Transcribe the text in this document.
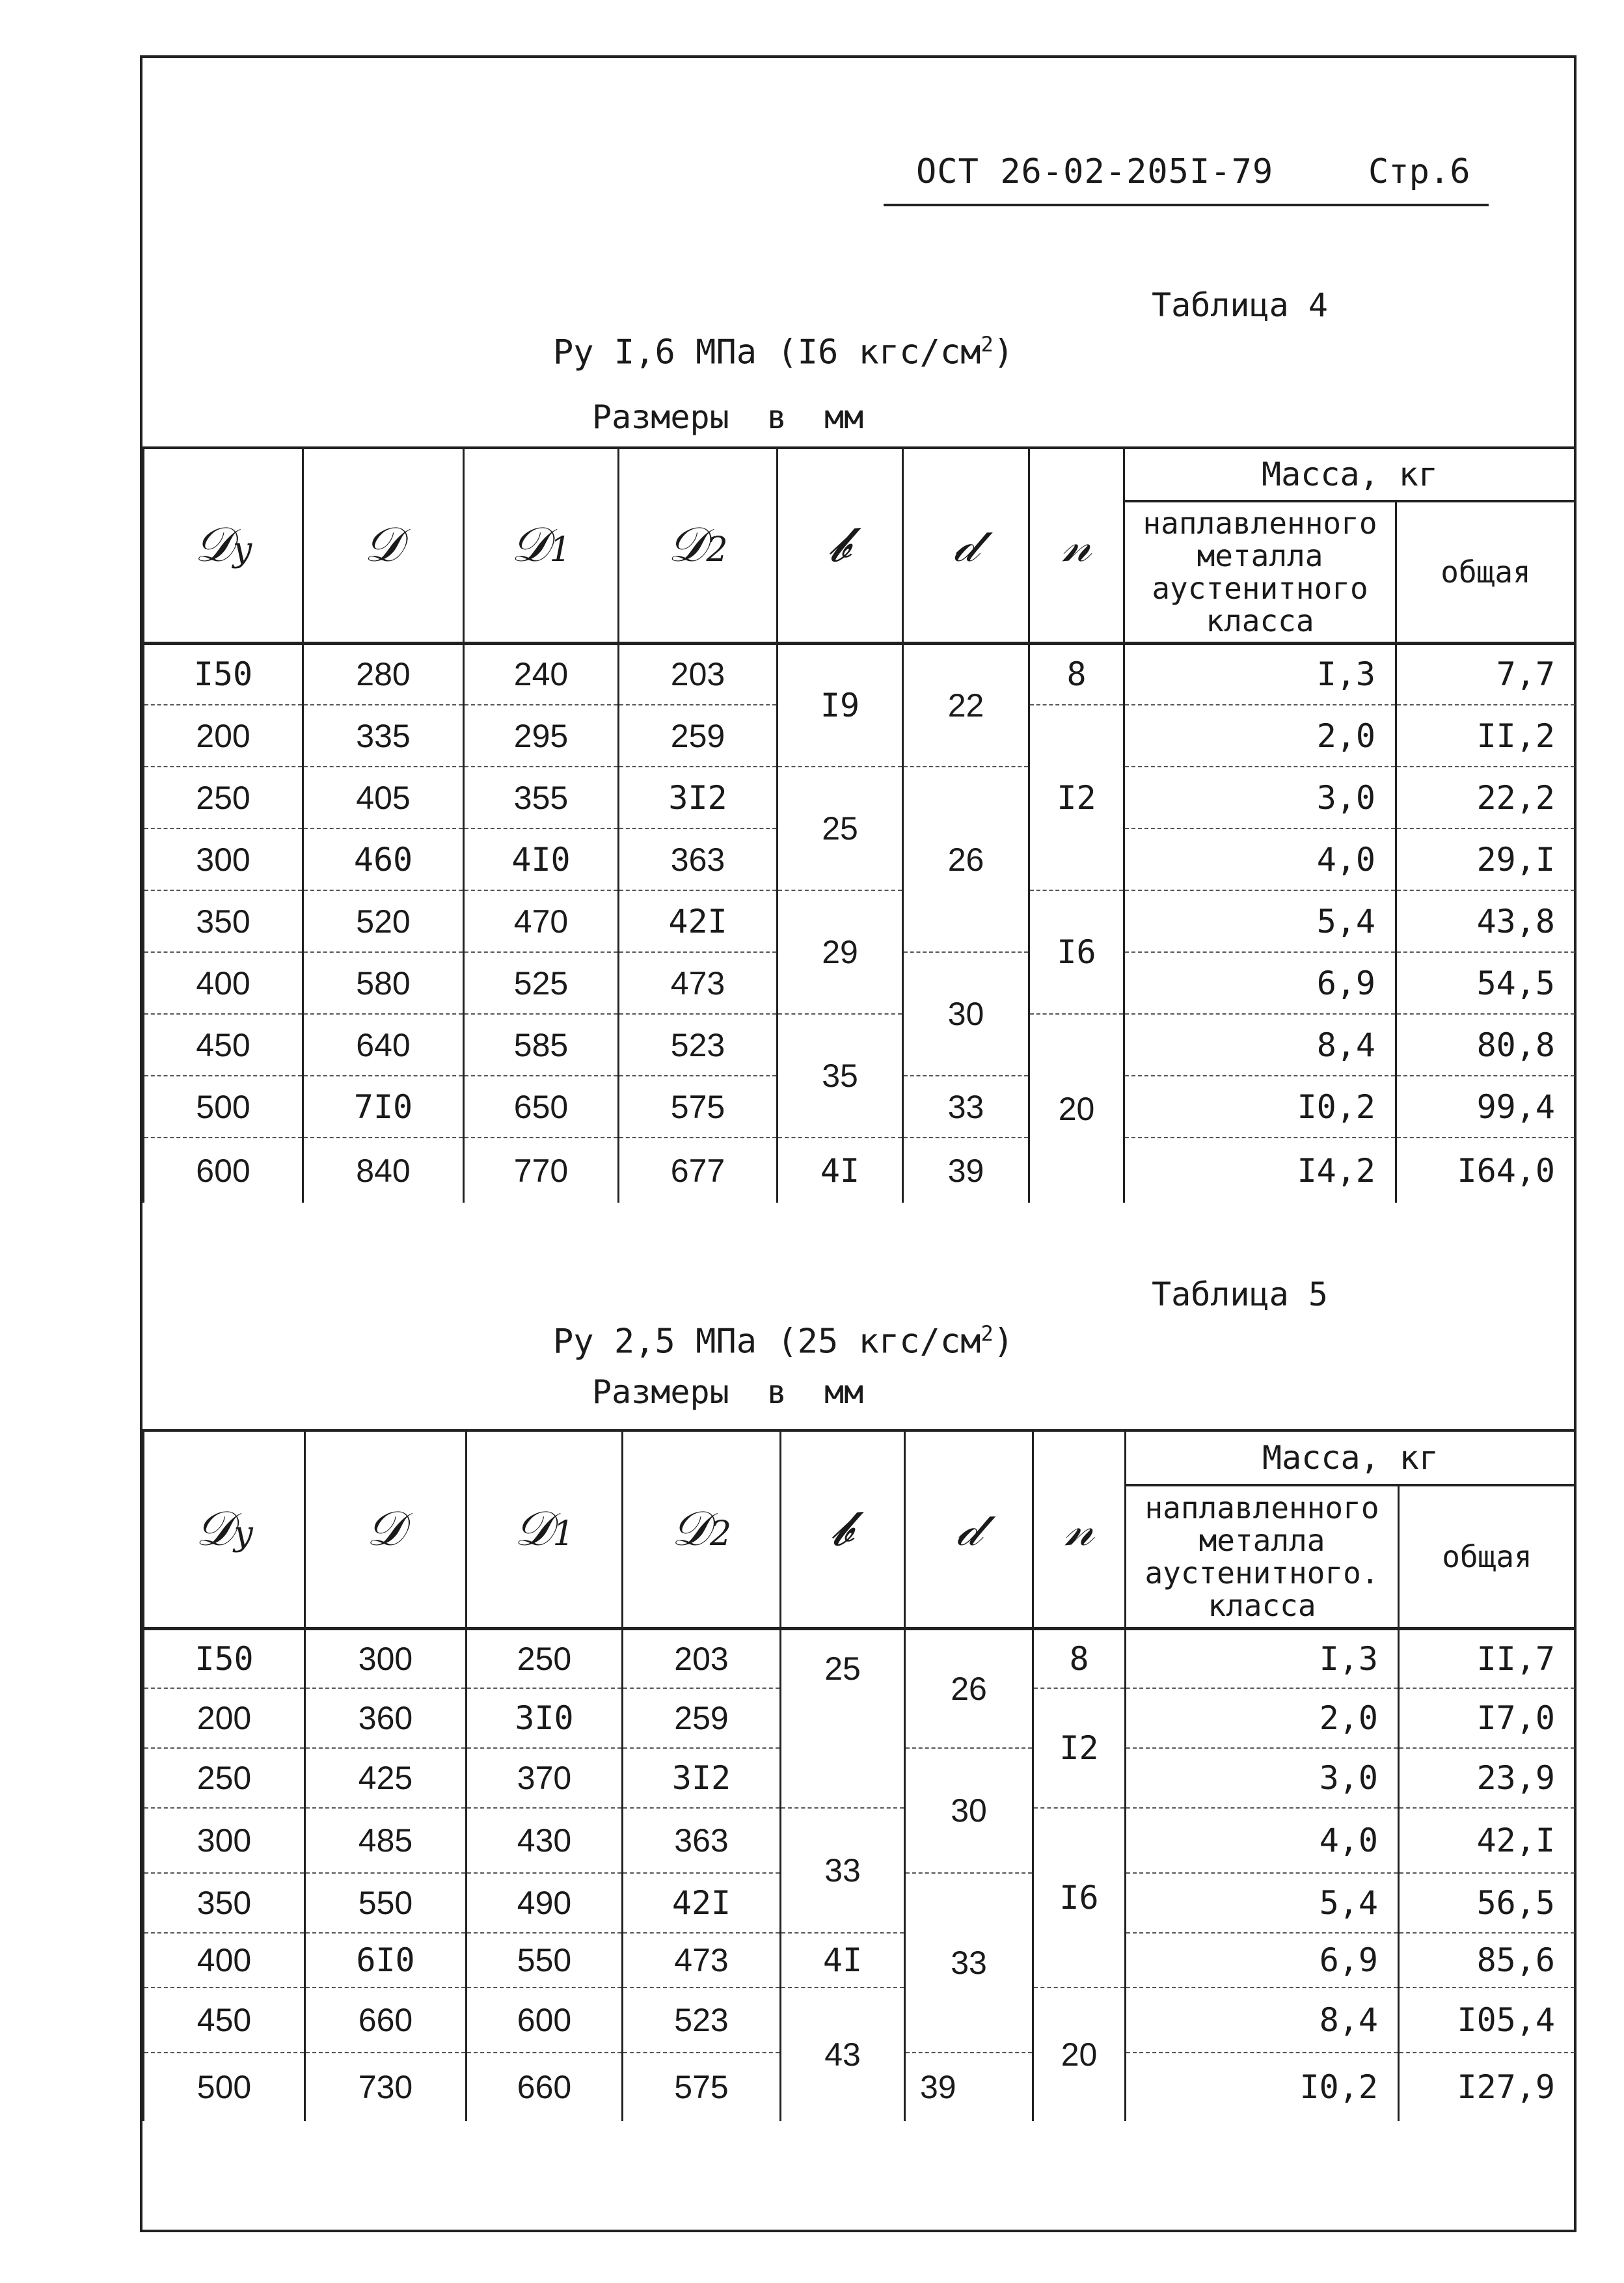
ОСТ 26-02-205I-79	Стр.6
Таблица 4
Ру I,6 МПа (I6 кгс/$см^2$)
Размеры в мм
𝒟y	𝒟	𝒟1	𝒟2	𝓫	𝒹	𝓃	Масса, кг	

							наплавленного
металла
аустенитного
класса	общая
I50	280	240	203	I9	22	8	I,3	7,7
200	335	295	259			I2	2,0	II,2
250	405	355	3I2	25	26		3,0	22,2
300	460	4I0	363				4,0	29,I
350	520	470	42I	29		I6	5,4	43,8
400	580	525	473		30		6,9	54,5
450	640	585	523	35		20	8,4	80,8
500	7I0	650	575		33		I0,2	99,4
600	840	770	677	4I	39		I4,2	I64,0
Таблица 5
Ру 2,5 МПа (25 кгс/$см^2$)
Размеры в мм
𝒟y	𝒟	𝒟1	𝒟2	𝓫	𝒹	𝓃	Масса, кг	

							наплавленного
металла
аустенитного.
класса	общая
I50	300	250	203	25	26	8	I,3	II,7
200	360	3I0	259			I2	2,0	I7,0
250	425	370	3I2		30		3,0	23,9
300	485	430	363	33		I6	4,0	42,I
350	550	490	42I		33		5,4	56,5
400	6I0	550	473	4I			6,9	85,6
450	660	600	523	43		20	8,4	I05,4
500	730	660	575		39		I0,2	I27,9
